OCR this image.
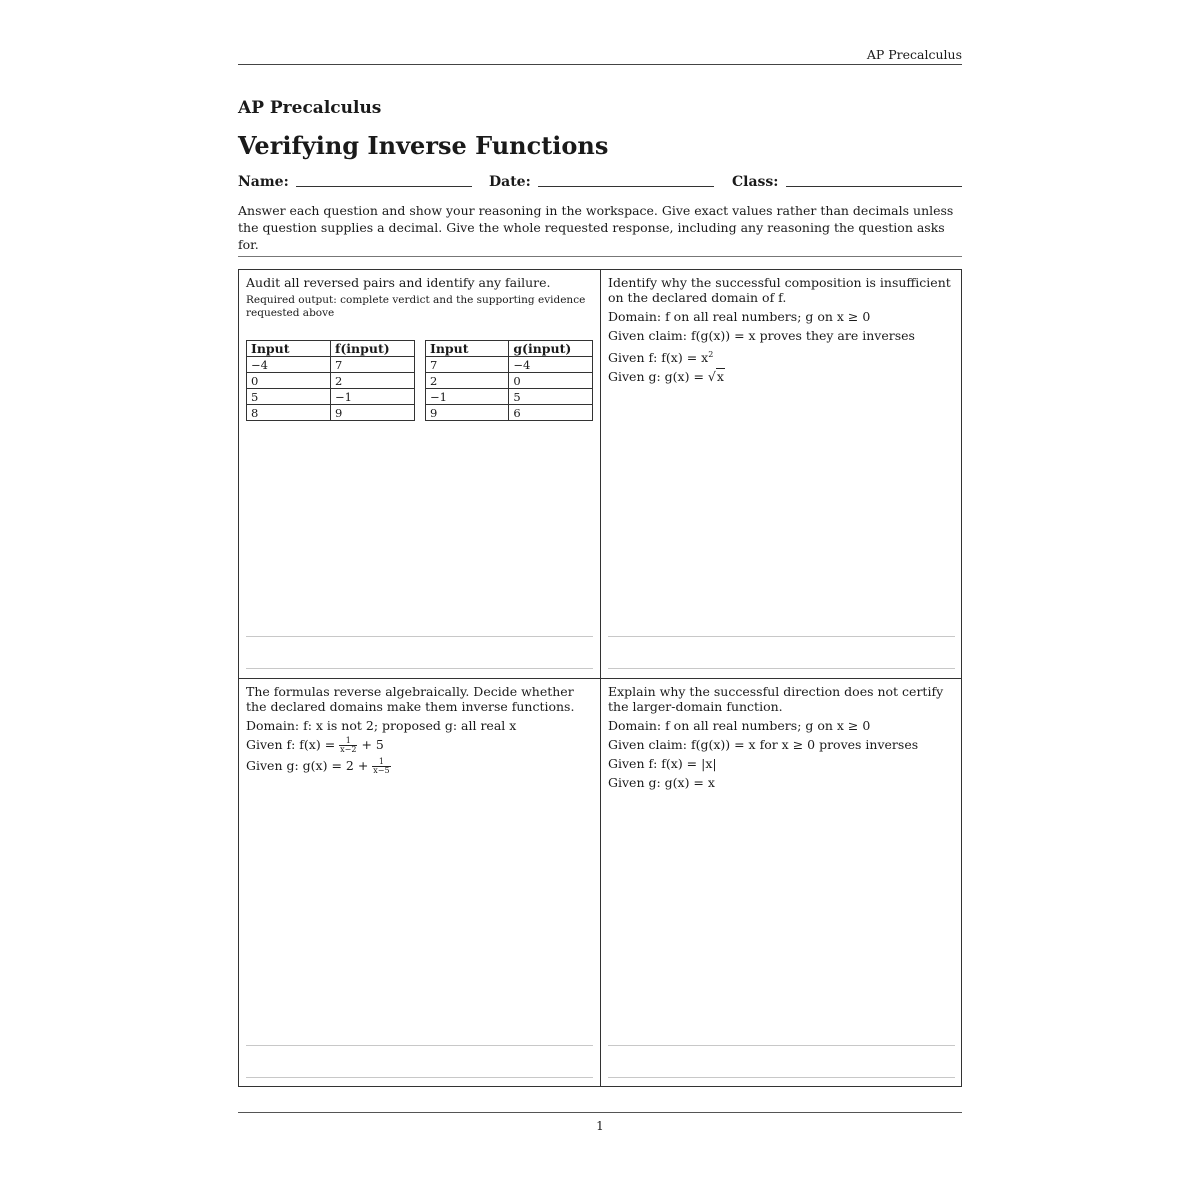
AP Precalculus
AP Precalculus
Verifying Inverse Functions
Name:	Date:	Class:
Answer each question and show your reasoning in the workspace. Give exact values rather than decimals unless the question supplies a decimal. Give the whole requested response, including any reasoning the question asks for.

Audit all reversed pairs and identify any failure.

Required output: complete verdict and the supporting evidence requested above

Input	f(input)
−4	7
0	2
5	−1
8	9
Input	g(input)
7	−4
2	0
−1	5
9	6

Identify why the successful composition is insufficient on the declared domain of f.

Domain: f on all real numbers; g on x ≥ 0

Given claim: f(g(x)) = x proves they are inverses

Given f: $f(x) = x^2$

Given g: g(x) = √x

The formulas reverse algebraically. Decide whether the declared domains make them inverse functions.

Domain: f: x is not 2; proposed g: all real x

Given f: $f(x) = \frac{1}{x-2} + 5$

Given g: $g(x) = 2 + \frac{1}{x-5}$

Explain why the successful direction does not certify the larger-domain function.

Domain: f on all real numbers; g on x ≥ 0

Given claim: f(g(x)) = x for x ≥ 0 proves inverses

Given f: f(x) = |x|

Given g: g(x) = x

1
